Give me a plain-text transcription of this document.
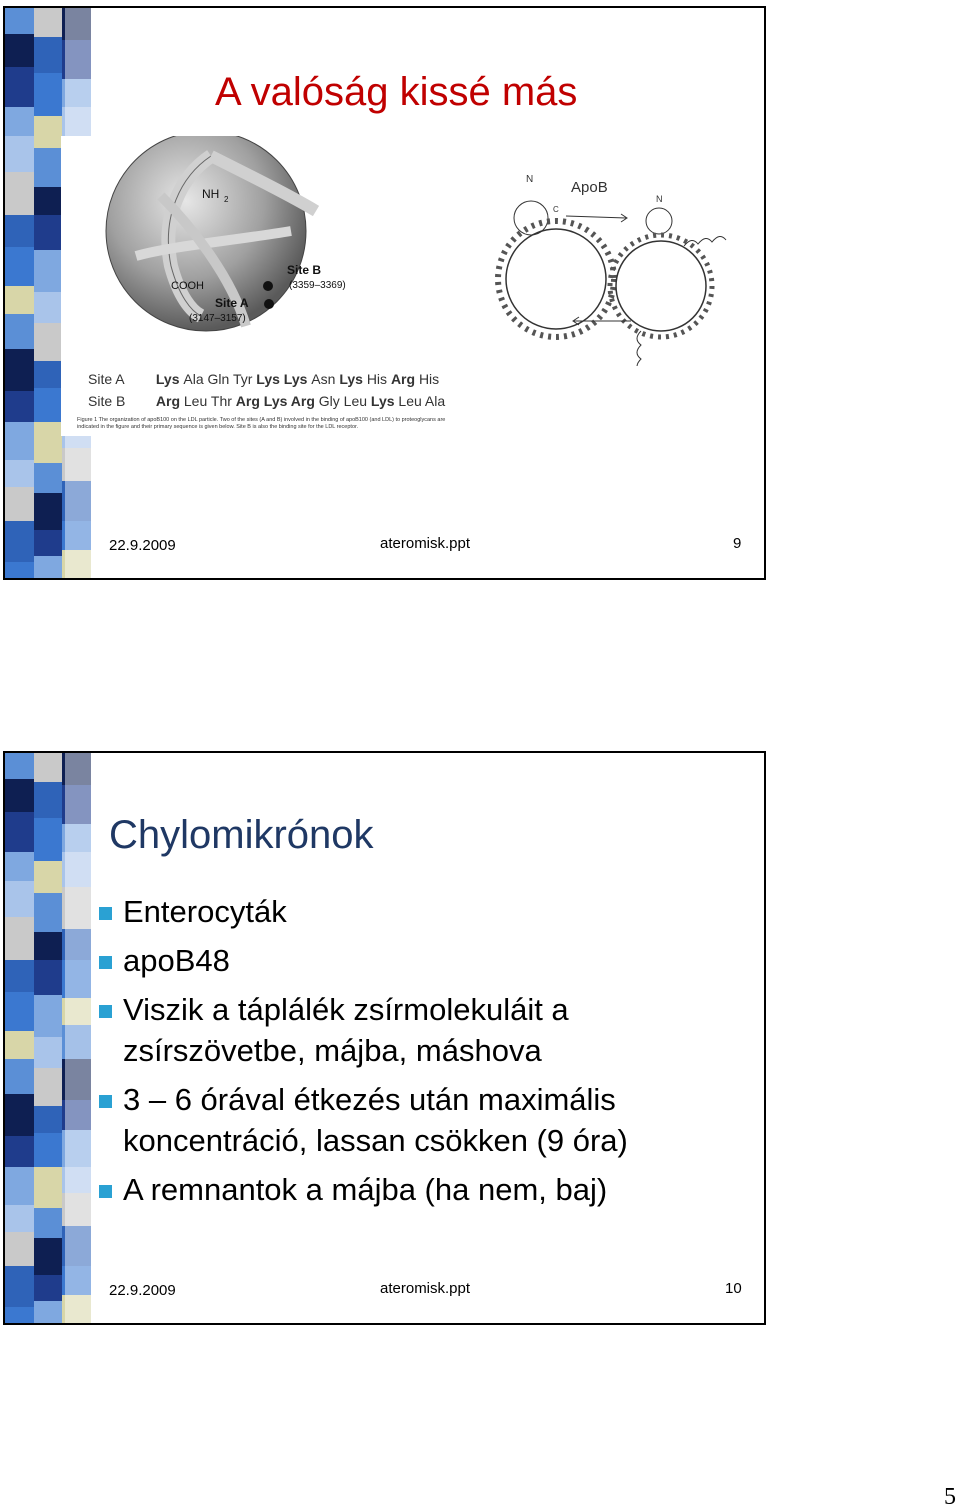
A valóság kissé más
NH 2
COOH
Site A
(3147–3157)
Site B
(3359–3369)
N
N
C
ApoB
Site A Lys Ala Gln Tyr Lys Lys Asn Lys His Arg His
Site B Arg Leu Thr Arg Lys Arg Gly Leu Lys Leu Ala
Figure 1 The organization of apoB100 on the LDL particle. Two of the sites (A and B) involved in the binding of apoB100 (and LDL) to proteoglycans are indicated in the figure and their primary sequence is given below. Site B is also the binding site for the LDL receptor.
22.9.2009	ateromisk.ppt	9
Chylomikrónok
Enterocyták
apoB48
Viszik a táplálék zsírmolekuláit a zsírszövetbe, májba, máshova
3 – 6 órával étkezés után maximális koncentráció, lassan csökken (9 óra)
A remnantok a májba (ha nem, baj)
22.9.2009	ateromisk.ppt	10
5
